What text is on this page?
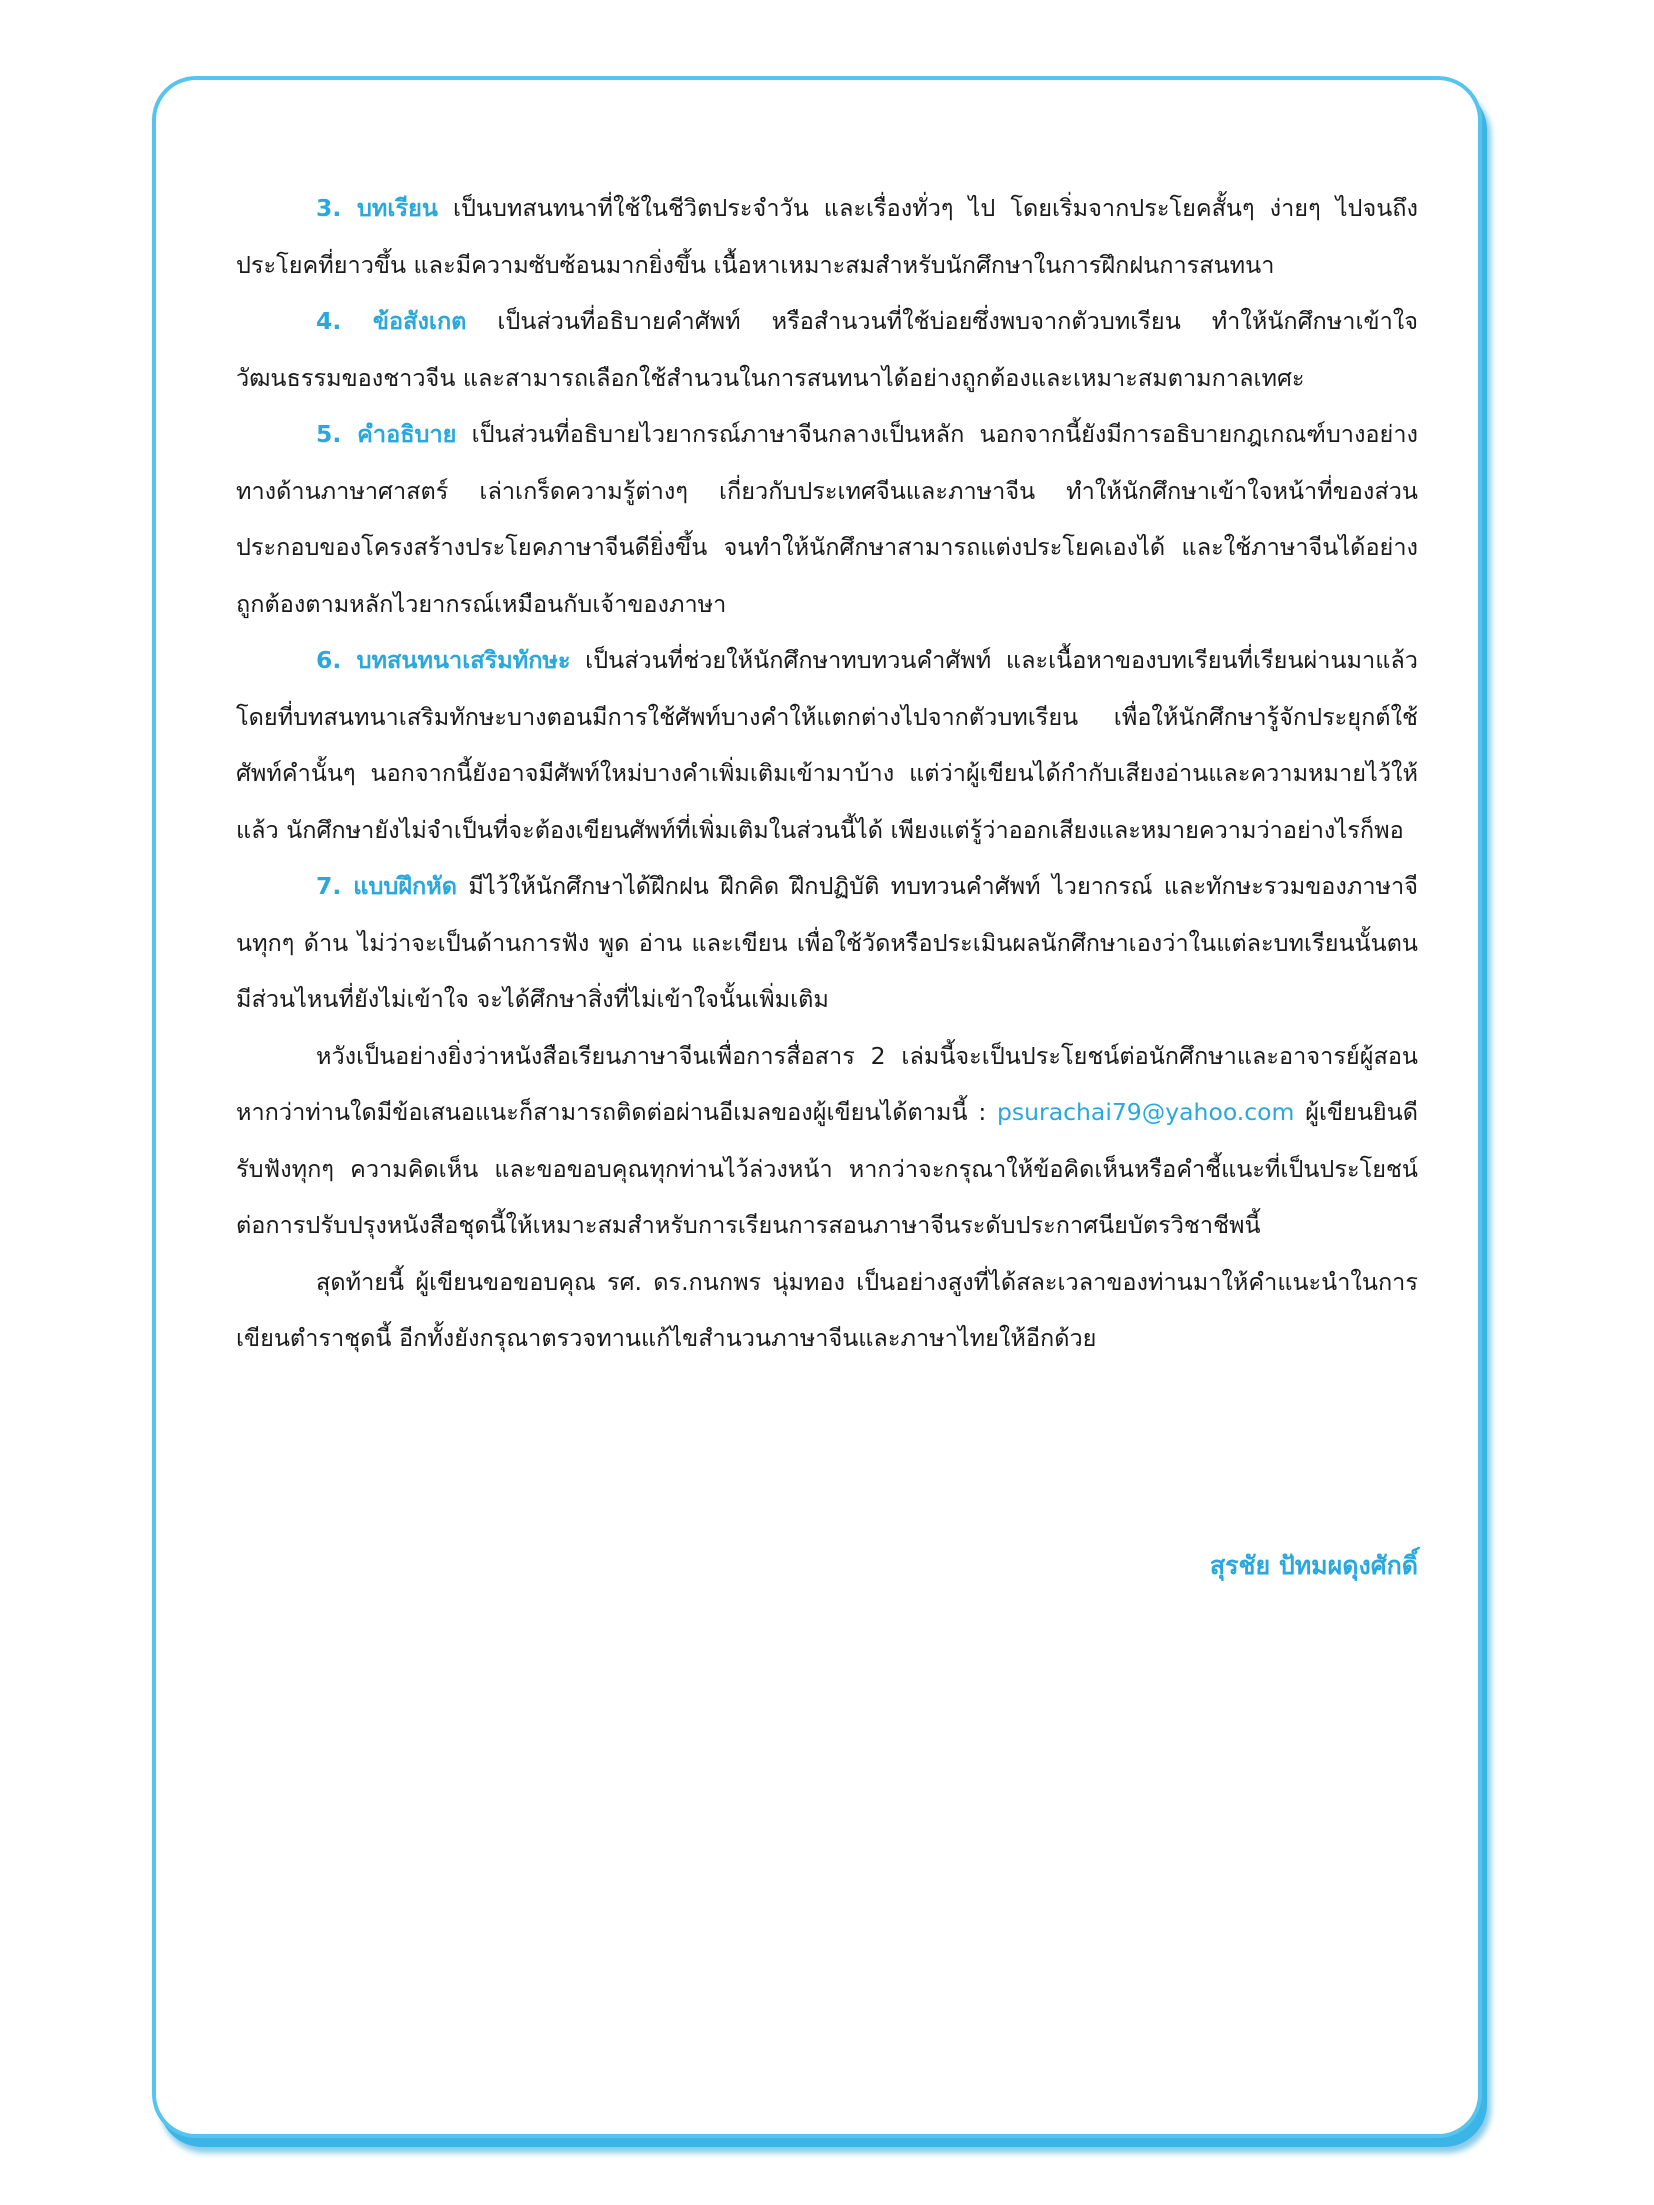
3. บทเรียน เป็นบทสนทนาที่ใช้ในชีวิตประจำวัน และเรื่องทั่วๆ ไป โดยเริ่มจากประโยคสั้นๆ ง่ายๆ ไปจนถึงประโยคที่ยาวขึ้น และมีความซับซ้อนมากยิ่งขึ้น เนื้อหาเหมาะสมสำหรับนักศึกษาในการฝึกฝนการสนทนา

4. ข้อสังเกต เป็นส่วนที่อธิบายคำศัพท์ หรือสำนวนที่ใช้บ่อยซึ่งพบจากตัวบทเรียน ทำให้นักศึกษาเข้าใจวัฒนธรรมของชาวจีน และสามารถเลือกใช้สำนวนในการสนทนาได้อย่างถูกต้องและเหมาะสมตามกาลเทศะ

5. คำอธิบาย เป็นส่วนที่อธิบายไวยากรณ์ภาษาจีนกลางเป็นหลัก นอกจากนี้ยังมีการอธิบายกฎเกณฑ์บางอย่างทางด้านภาษาศาสตร์ เล่าเกร็ดความรู้ต่างๆ เกี่ยวกับประเทศจีนและภาษาจีน ทำให้นักศึกษาเข้าใจหน้าที่ของส่วนประกอบของโครงสร้างประโยคภาษาจีนดียิ่งขึ้น จนทำให้นักศึกษาสามารถแต่งประโยคเองได้ และใช้ภาษาจีนได้อย่างถูกต้องตามหลักไวยากรณ์เหมือนกับเจ้าของภาษา

6. บทสนทนาเสริมทักษะ เป็นส่วนที่ช่วยให้นักศึกษาทบทวนคำศัพท์ และเนื้อหาของบทเรียนที่เรียนผ่านมาแล้ว โดยที่บทสนทนาเสริมทักษะบางตอนมีการใช้ศัพท์บางคำให้แตกต่างไปจากตัวบทเรียน เพื่อให้นักศึกษารู้จักประยุกต์ใช้ศัพท์คำนั้นๆ นอกจากนี้ยังอาจมีศัพท์ใหม่บางคำเพิ่มเติมเข้ามาบ้าง แต่ว่าผู้เขียนได้กำกับเสียงอ่านและความหมายไว้ให้แล้ว นักศึกษายังไม่จำเป็นที่จะต้องเขียนศัพท์ที่เพิ่มเติมในส่วนนี้ได้ เพียงแต่รู้ว่าออกเสียงและหมายความว่าอย่างไรก็พอ

7. แบบฝึกหัด มีไว้ให้นักศึกษาได้ฝึกฝน ฝึกคิด ฝึกปฏิบัติ ทบทวนคำศัพท์ ไวยากรณ์ และทักษะรวมของภาษาจีนทุกๆ ด้าน ไม่ว่าจะเป็นด้านการฟัง พูด อ่าน และเขียน เพื่อใช้วัดหรือประเมินผลนักศึกษาเองว่าในแต่ละบทเรียนนั้นตนมีส่วนไหนที่ยังไม่เข้าใจ จะได้ศึกษาสิ่งที่ไม่เข้าใจนั้นเพิ่มเติม

หวังเป็นอย่างยิ่งว่าหนังสือเรียนภาษาจีนเพื่อการสื่อสาร 2 เล่มนี้จะเป็นประโยชน์ต่อนักศึกษาและอาจารย์ผู้สอน หากว่าท่านใดมีข้อเสนอแนะก็สามารถติดต่อผ่านอีเมลของผู้เขียนได้ตามนี้ : psurachai79@yahoo.com ผู้เขียนยินดีรับฟังทุกๆ ความคิดเห็น และขอขอบคุณทุกท่านไว้ล่วงหน้า หากว่าจะกรุณาให้ข้อคิดเห็นหรือคำชี้แนะที่เป็นประโยชน์ต่อการปรับปรุงหนังสือชุดนี้ให้เหมาะสมสำหรับการเรียนการสอนภาษาจีนระดับประกาศนียบัตรวิชาชีพนี้

สุดท้ายนี้ ผู้เขียนขอขอบคุณ รศ. ดร.กนกพร นุ่มทอง เป็นอย่างสูงที่ได้สละเวลาของท่านมาให้คำแนะนำในการเขียนตำราชุดนี้ อีกทั้งยังกรุณาตรวจทานแก้ไขสำนวนภาษาจีนและภาษาไทยให้อีกด้วย

สุรชัย ปัทมผดุงศักดิ์
